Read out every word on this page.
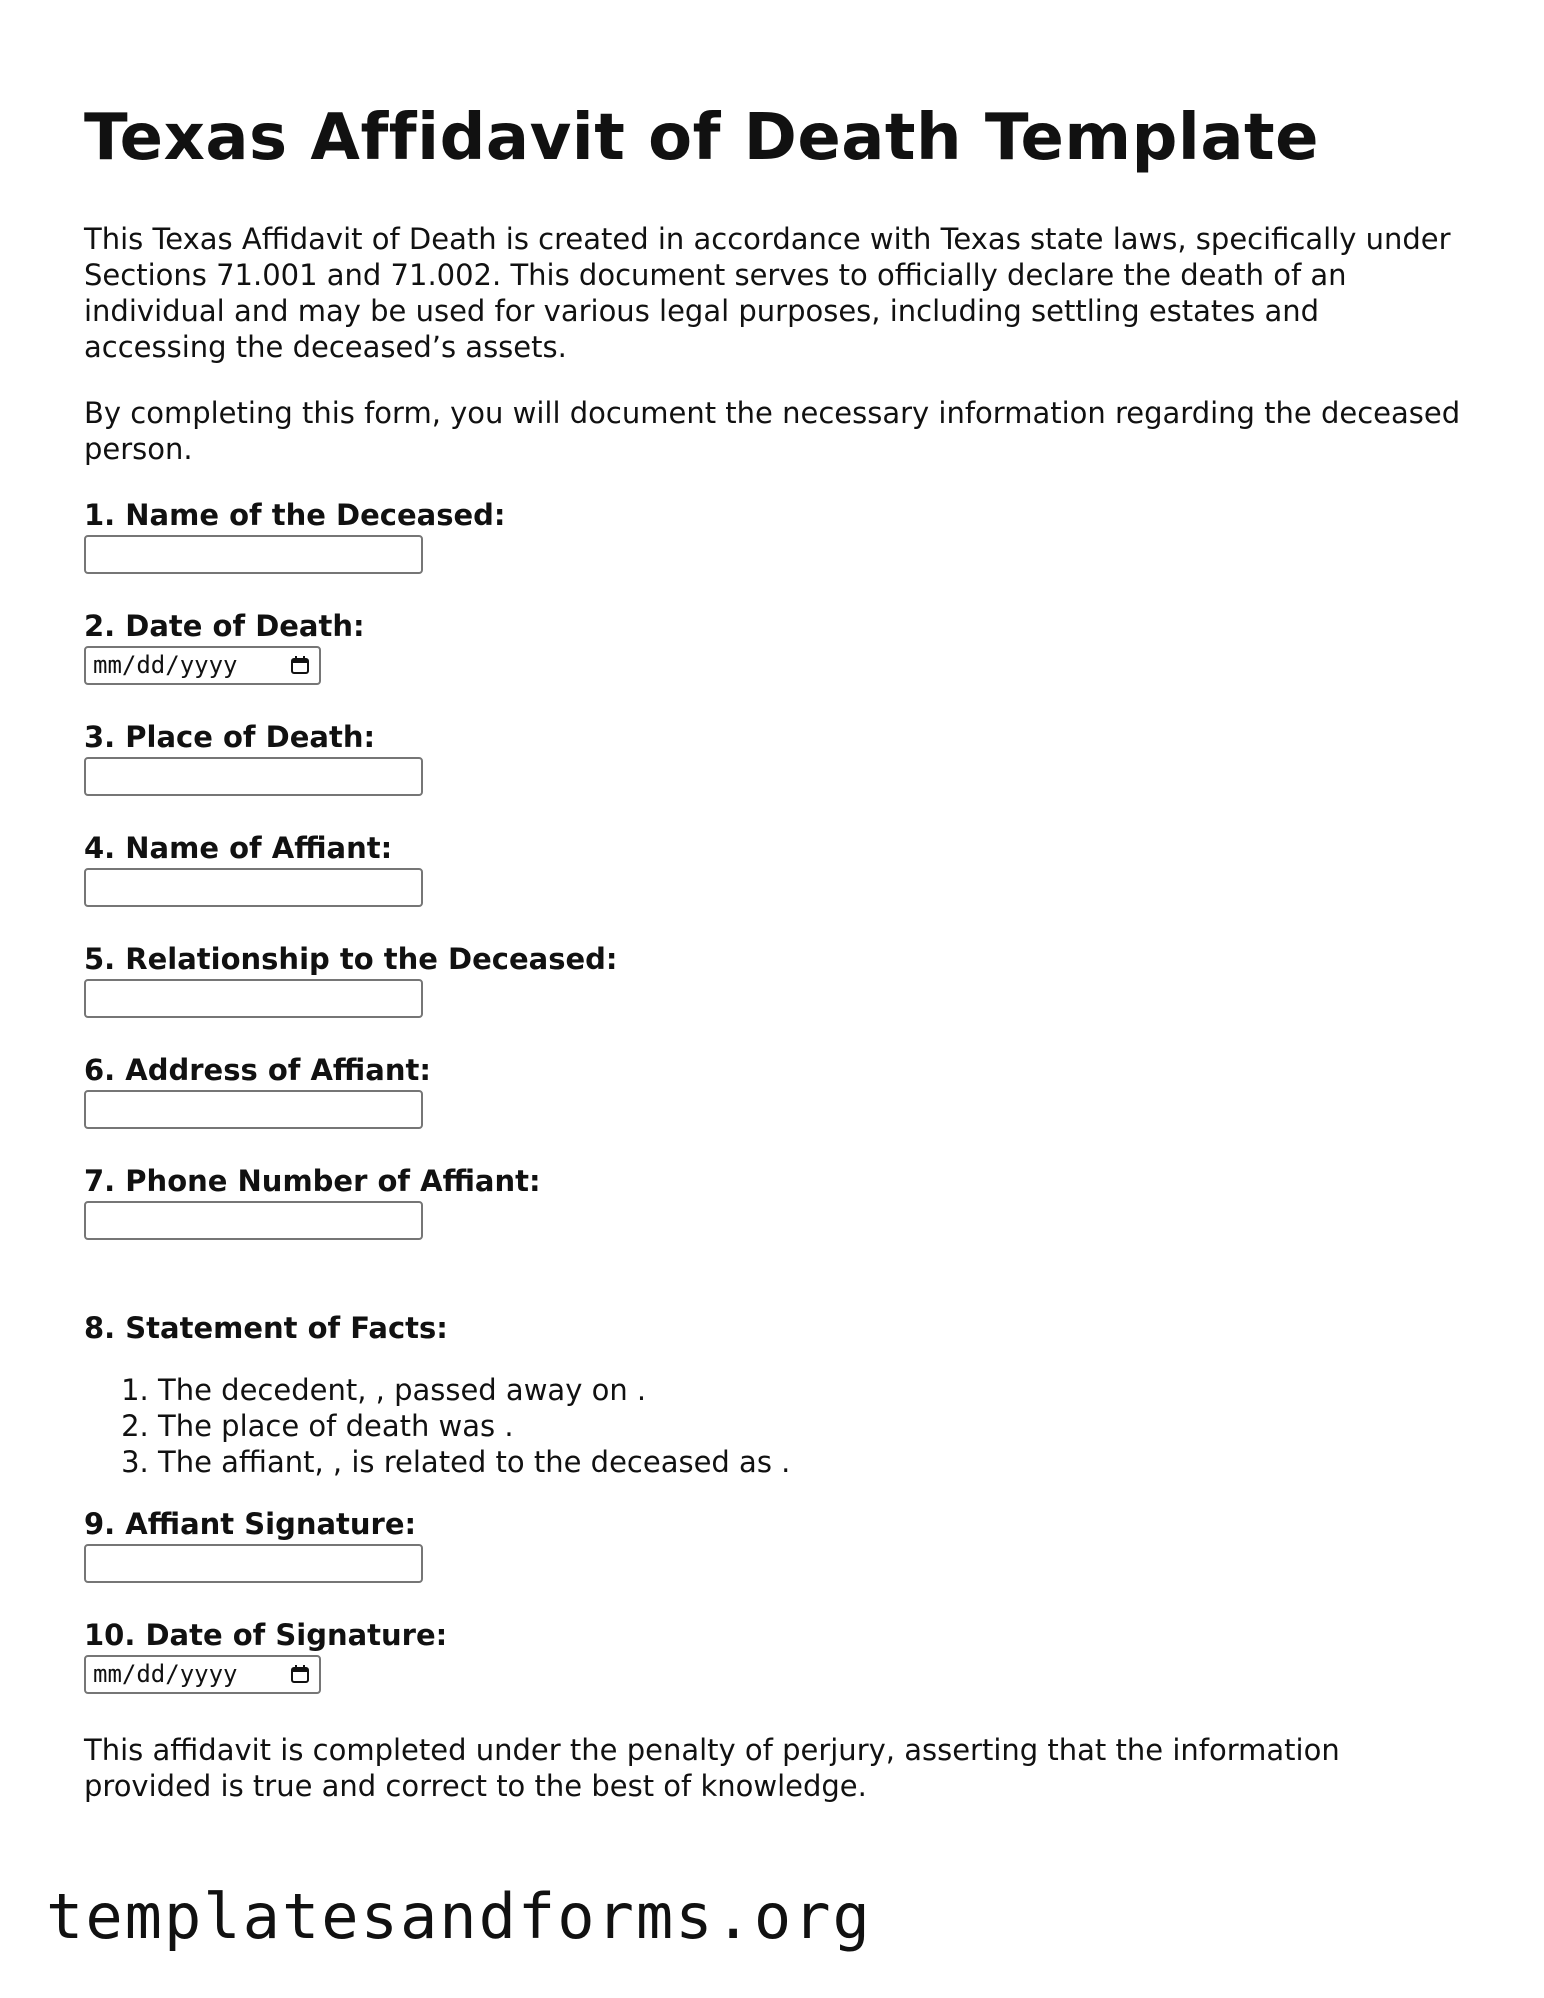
Texas Affidavit of Death Template

This Texas Affidavit of Death is created in accordance with Texas state laws, specifically under Sections 71.001 and 71.002. This document serves to officially declare the death of an individual and may be used for various legal purposes, including settling estates and accessing the deceased’s assets.

By completing this form, you will document the necessary information regarding the deceased person.

1. Name of the Deceased:
2. Date of Death:
mm/dd/yyyy
3. Place of Death:
4. Name of Affiant:
5. Relationship to the Deceased:
6. Address of Affiant:
7. Phone Number of Affiant:
8. Statement of Facts:
1. The decedent, , passed away on .
2. The place of death was .
3. The affiant, , is related to the deceased as .
9. Affiant Signature:
10. Date of Signature:
mm/dd/yyyy

This affidavit is completed under the penalty of perjury, asserting that the information provided is true and correct to the best of knowledge.

templatesandforms.org
